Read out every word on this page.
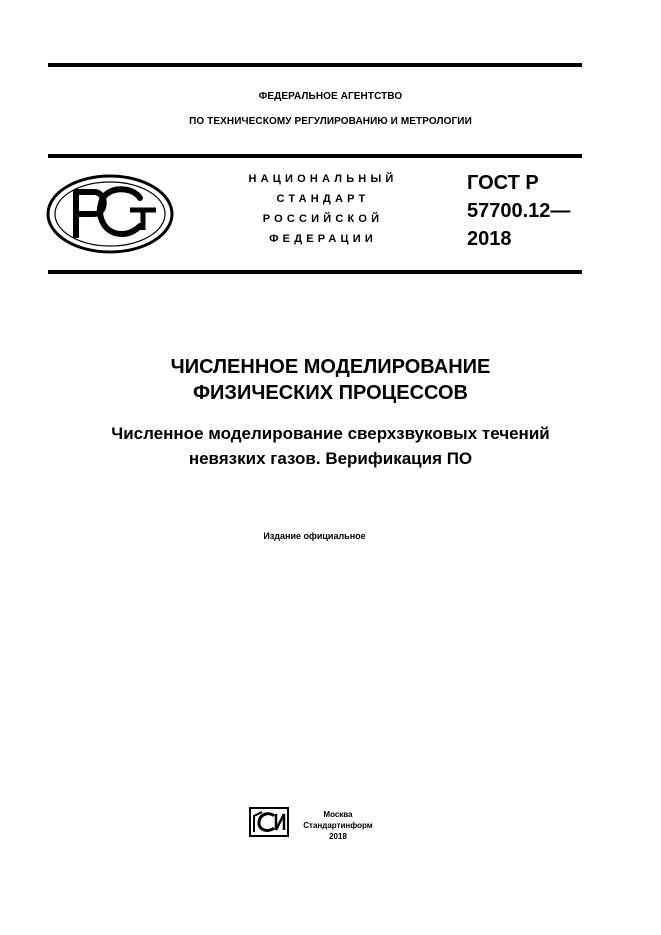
ФЕДЕРАЛЬНОЕ АГЕНТСТВО
ПО ТЕХНИЧЕСКОМУ РЕГУЛИРОВАНИЮ И МЕТРОЛОГИИ
НАЦИОНАЛЬНЫЙ
СТАНДАРТ
РОССИЙСКОЙ
ФЕДЕРАЦИИ
ГОСТ Р
57700.12—
2018
ЧИСЛЕННОЕ МОДЕЛИРОВАНИЕ
ФИЗИЧЕСКИХ ПРОЦЕССОВ
Численное моделирование сверхзвуковых течений
невязких газов. Верификация ПО
Издание официальное
Москва
Стандартинформ
2018
